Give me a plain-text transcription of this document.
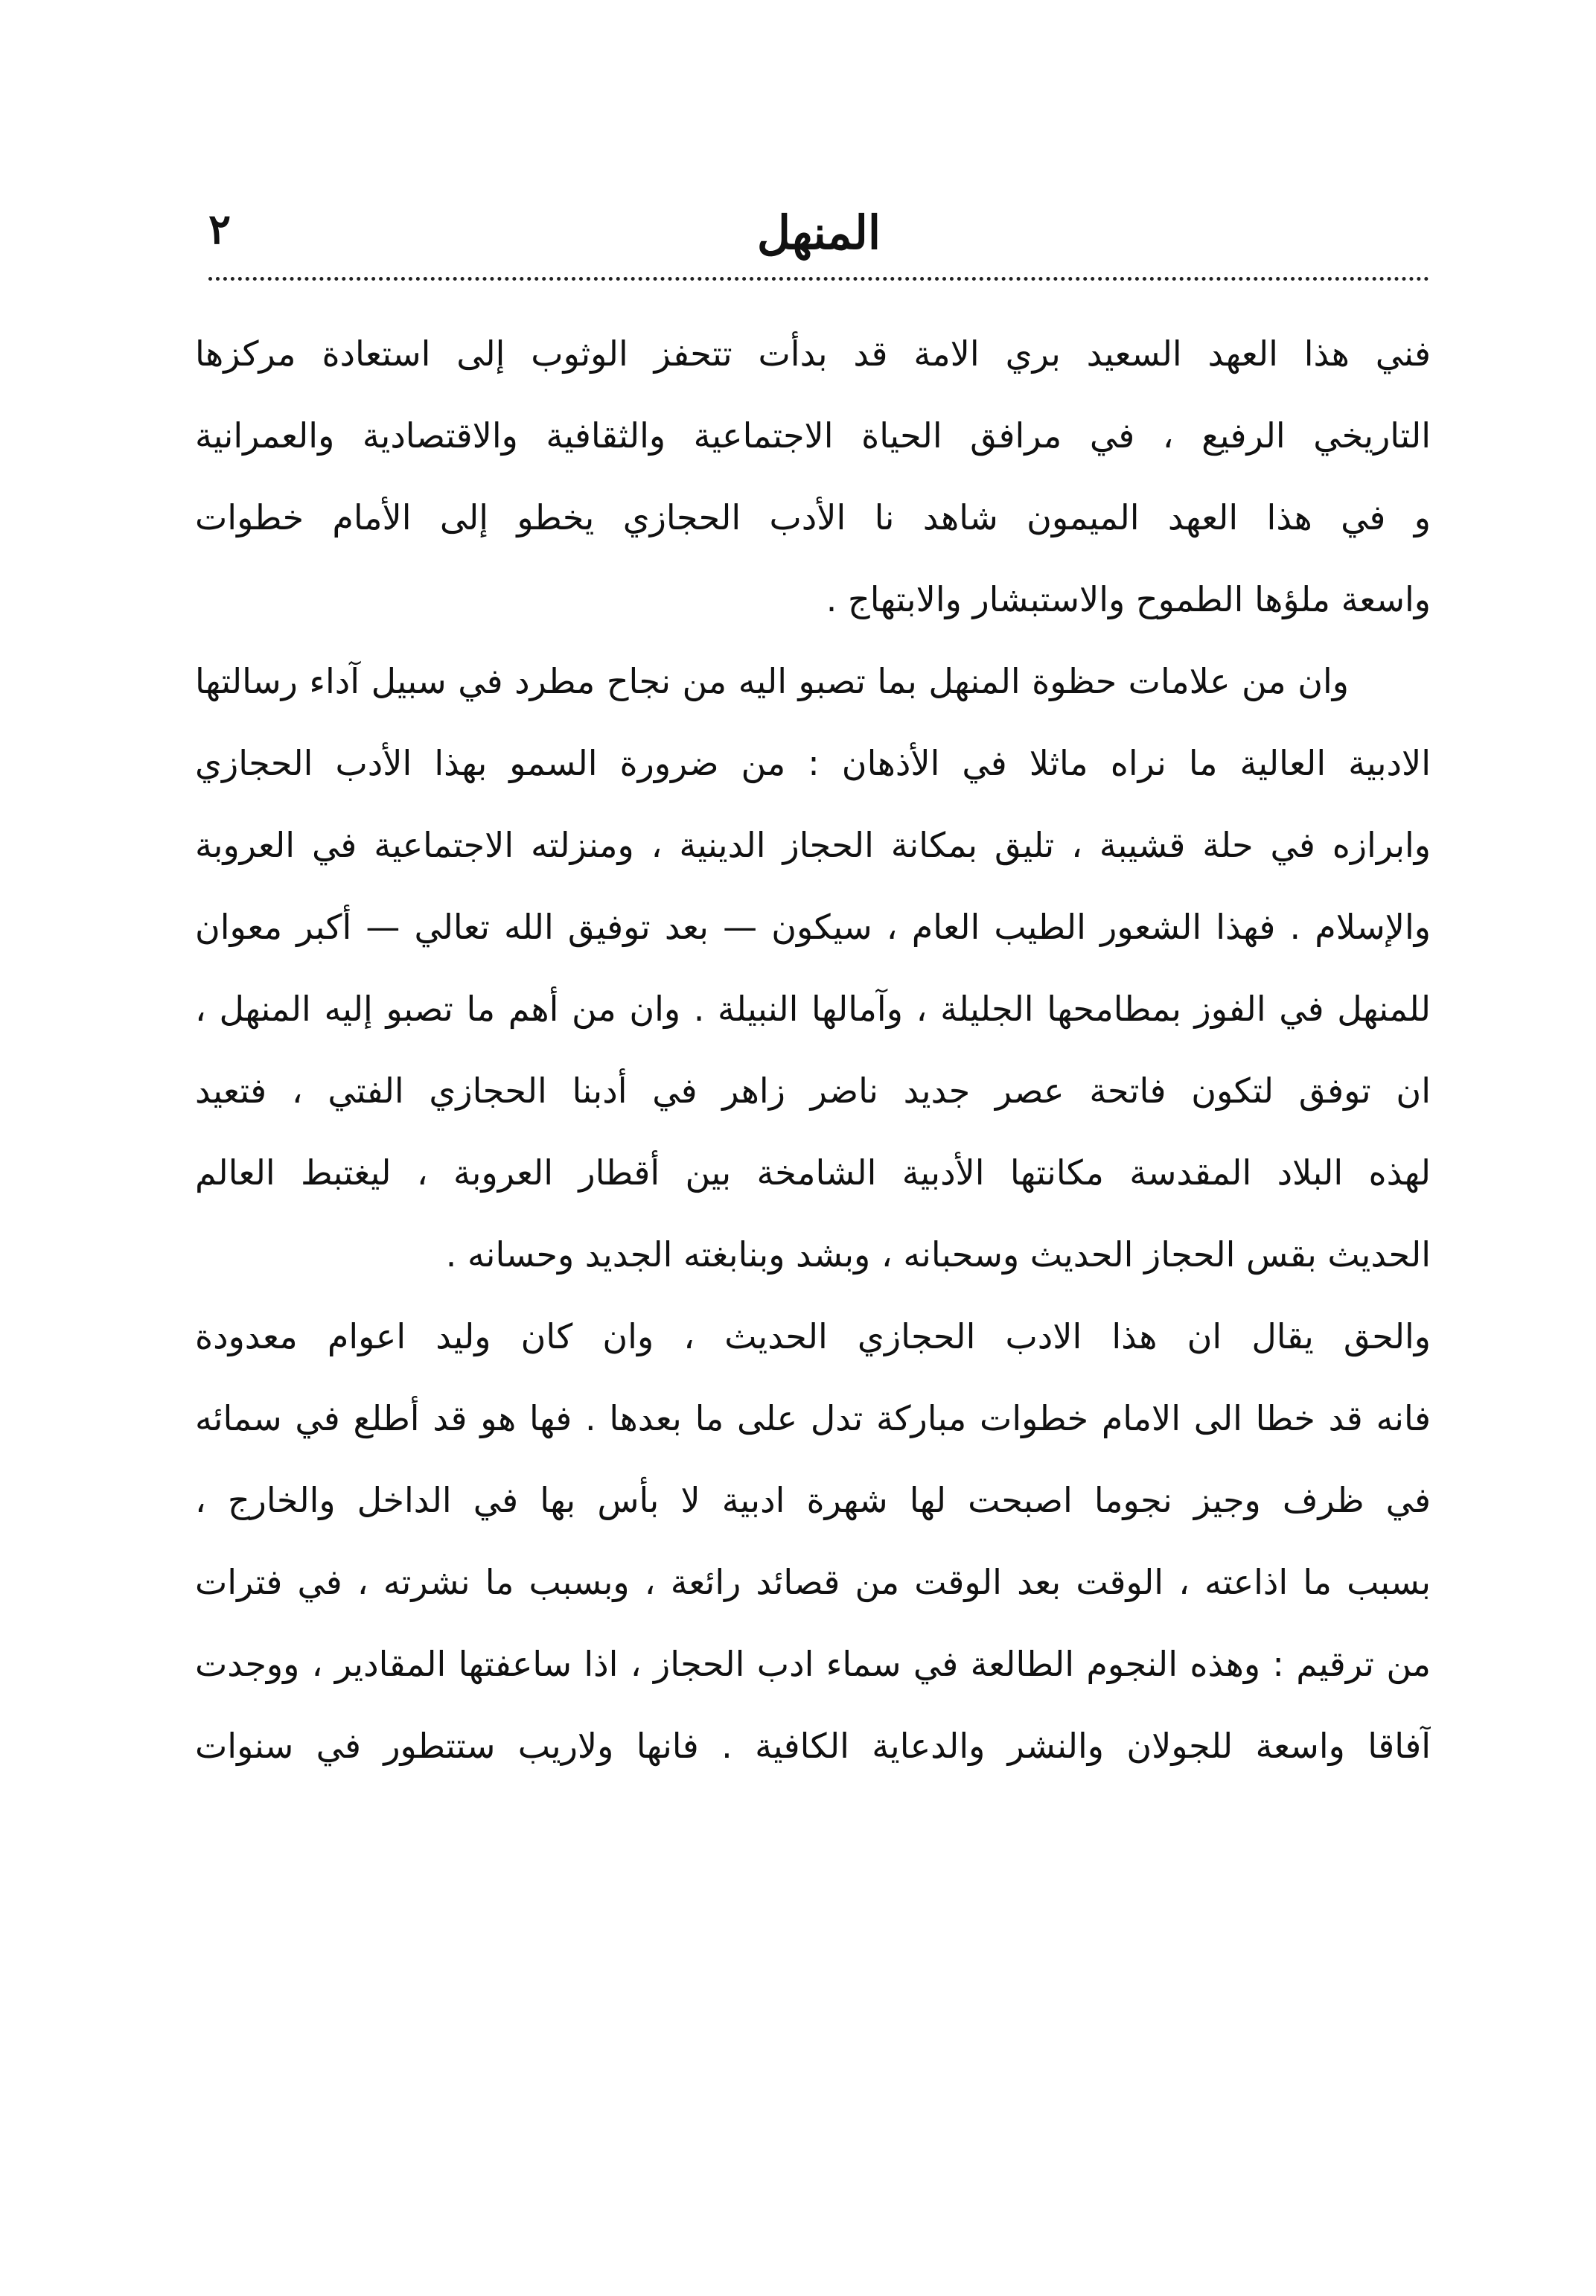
المنهل
٢
فني هذا العهد السعيد بري الامة قد بدأت تتحفز الوثوب إلى استعادة مركزها
التاريخي الرفيع ، في مرافق الحياة الاجتماعية والثقافية والاقتصادية والعمرانية
و في هذا العهد الميمون شاهد نا الأدب الحجازي يخطو إلى الأمام خطوات
واسعة ملؤها الطموح والاستبشار والابتهاج .
وان من علامات حظوة المنهل بما تصبو اليه من نجاح مطرد في سبيل آداء رسالتها
الادبية العالية ما نراه ماثلا في الأذهان : من ضرورة السمو بهذا الأدب الحجازي
وابرازه في حلة قشيبة ، تليق بمكانة الحجاز الدينية ، ومنزلته الاجتماعية في العروبة
والإسلام . فهذا الشعور الطيب العام ، سيكون — بعد توفيق الله تعالي — أكبر معوان
للمنهل في الفوز بمطامحها الجليلة ، وآمالها النبيلة . وان من أهم ما تصبو إليه المنهل ،
ان توفق لتكون فاتحة عصر جديد ناضر زاهر في أدبنا الحجازي الفتي ، فتعيد
لهذه البلاد المقدسة مكانتها الأدبية الشامخة بين أقطار العروبة ، ليغتبط العالم
الحديث بقس الحجاز الحديث وسحبانه ، وبشد وبنابغته الجديد وحسانه .
والحق يقال ان هذا الادب الحجازي الحديث ، وان كان وليد اعوام معدودة
فانه قد خطا الى الامام خطوات مباركة تدل على ما بعدها . فها هو قد أطلع في سمائه
في ظرف وجيز نجوما اصبحت لها شهرة ادبية لا بأس بها في الداخل والخارج ،
بسبب ما اذاعته ، الوقت بعد الوقت من قصائد رائعة ، وبسبب ما نشرته ، في فترات
من ترقيم : وهذه النجوم الطالعة في سماء ادب الحجاز ، اذا ساعفتها المقادير ، ووجدت
آفاقا واسعة للجولان والنشر والدعاية الكافية . فانها ولاريب ستتطور في سنوات
